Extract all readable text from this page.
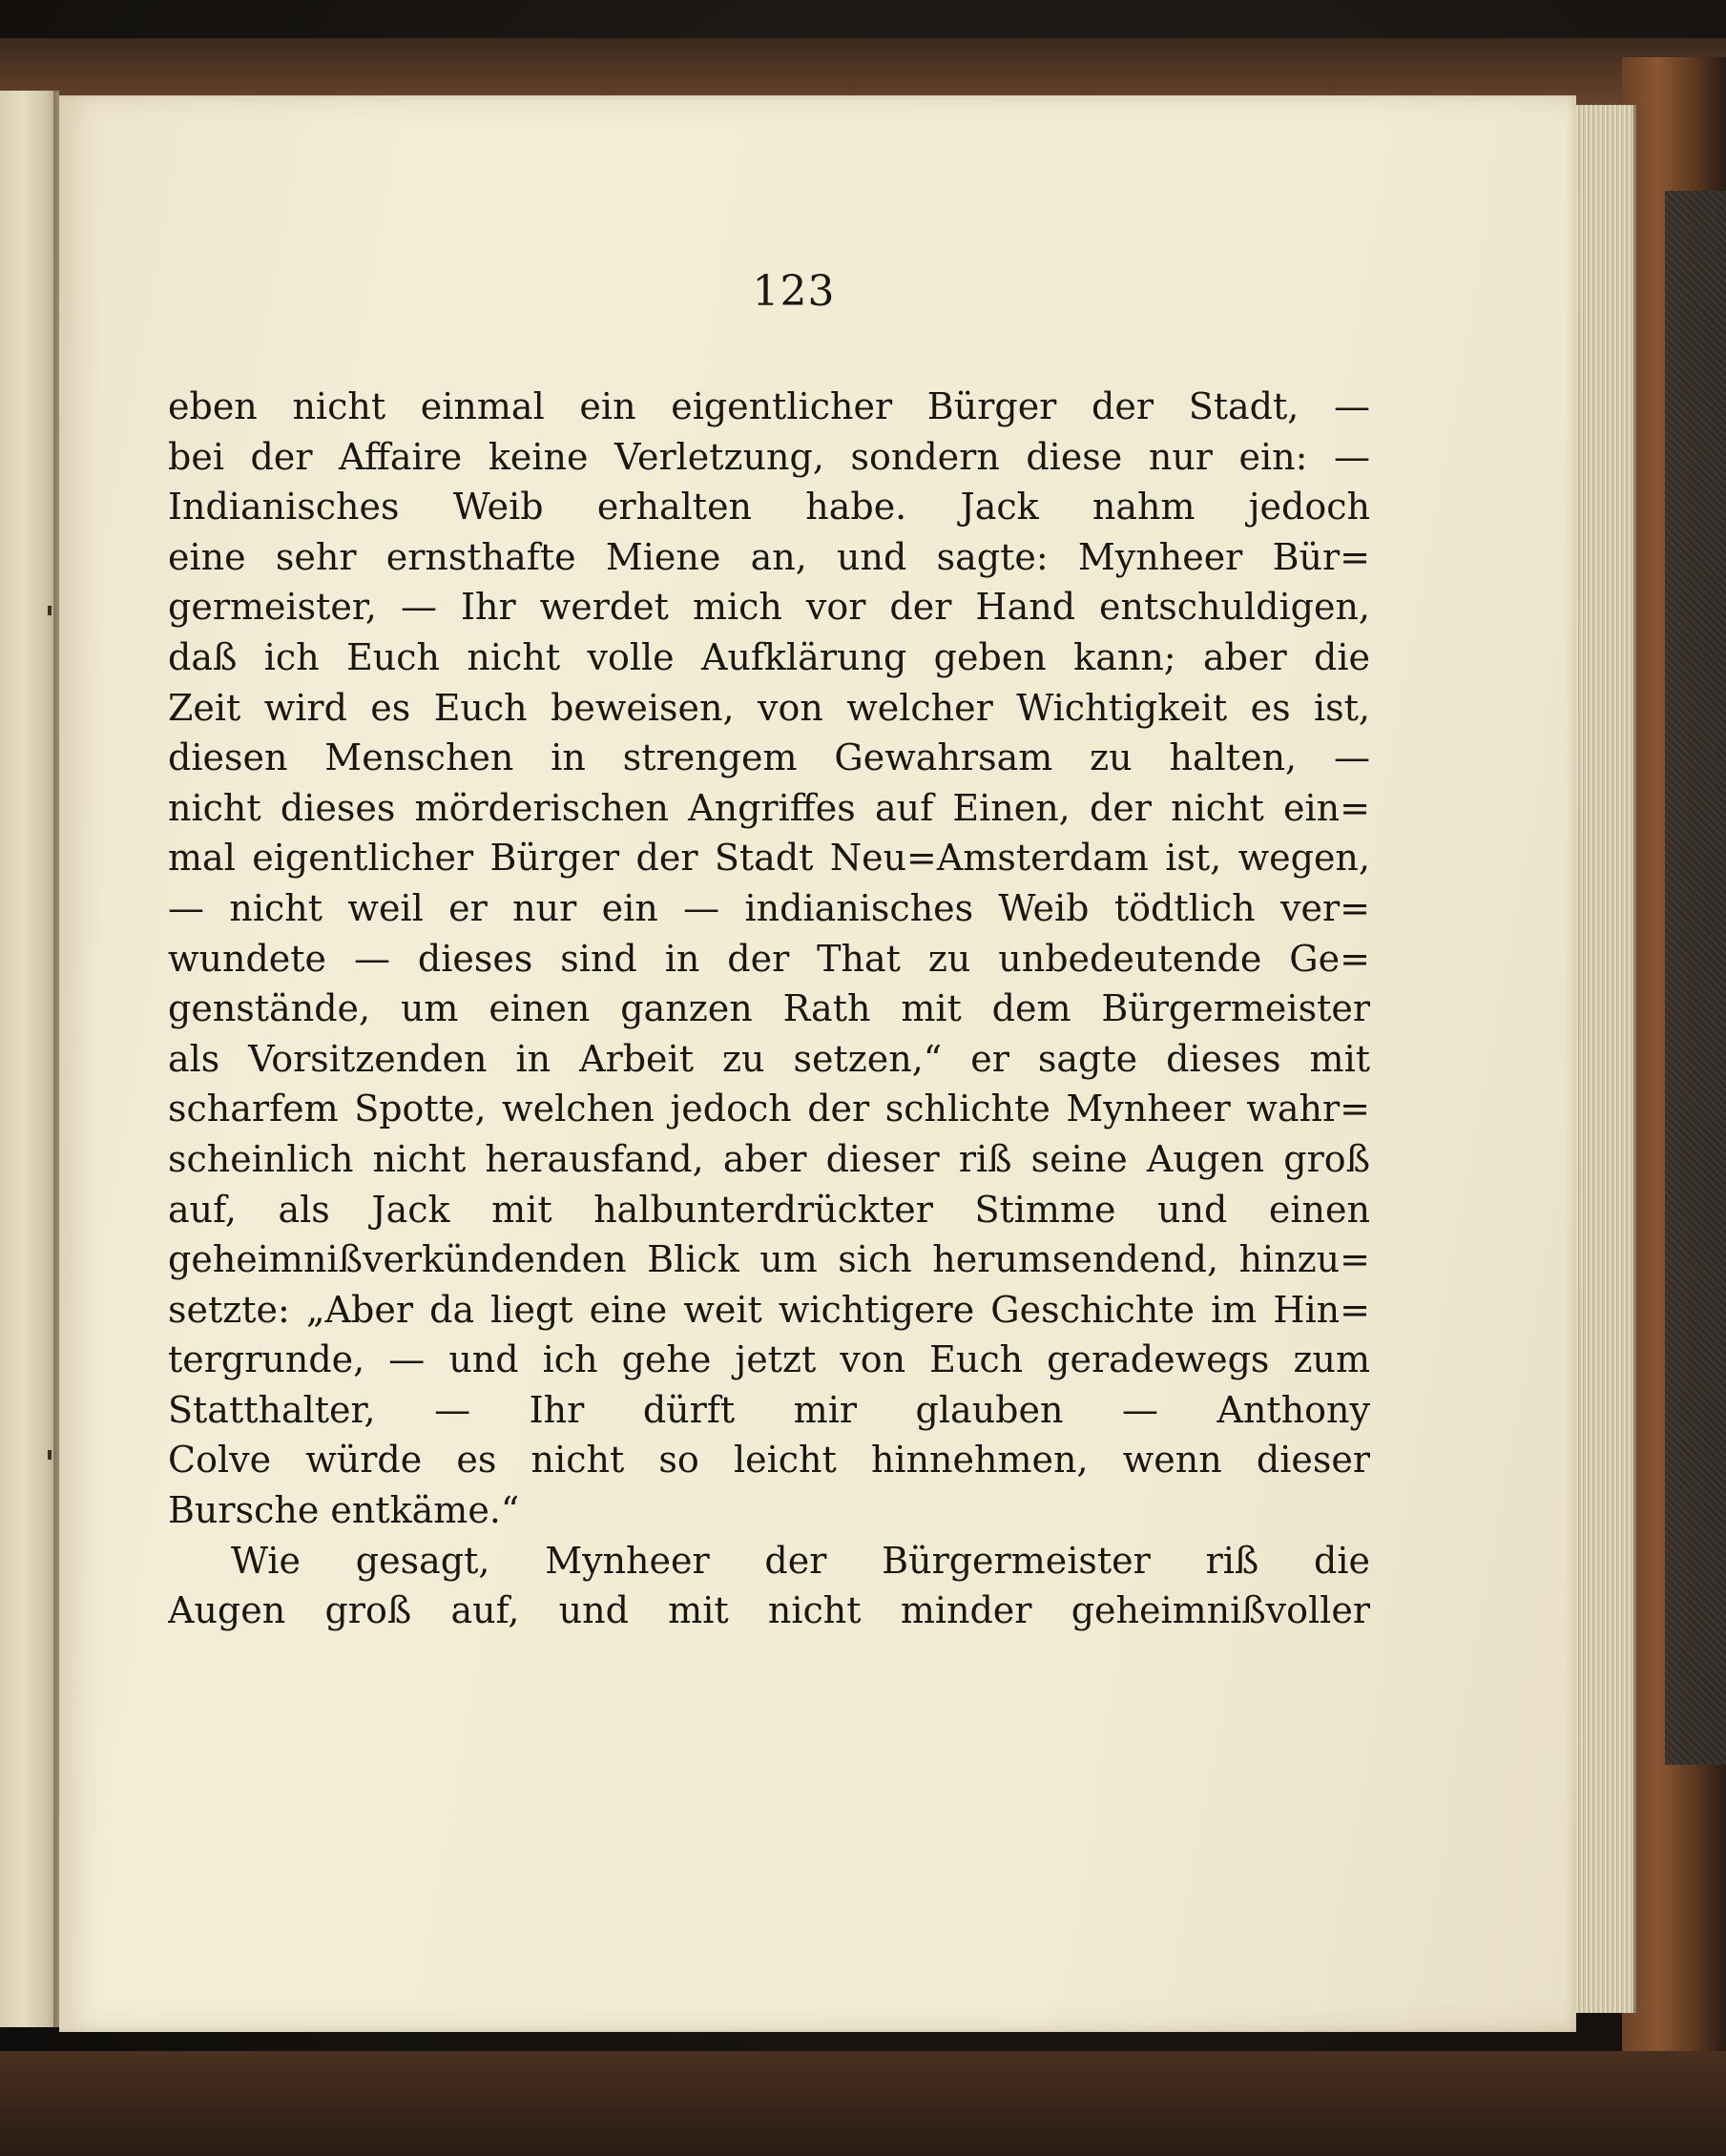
123
eben nicht einmal ein eigentlicher Bürger der Stadt, —
bei der Affaire keine Verletzung, sondern diese nur ein: —
Indianisches Weib erhalten habe. Jack nahm jedoch
eine sehr ernsthafte Miene an, und sagte: Mynheer Bür=
germeister, — Ihr werdet mich vor der Hand entschuldigen,
daß ich Euch nicht volle Aufklärung geben kann; aber die
Zeit wird es Euch beweisen, von welcher Wichtigkeit es ist,
diesen Menschen in strengem Gewahrsam zu halten, —
nicht dieses mörderischen Angriffes auf Einen, der nicht ein=
mal eigentlicher Bürger der Stadt Neu=Amsterdam ist, wegen,
— nicht weil er nur ein — indianisches Weib tödtlich ver=
wundete — dieses sind in der That zu unbedeutende Ge=
genstände, um einen ganzen Rath mit dem Bürgermeister
als Vorsitzenden in Arbeit zu setzen,“ er sagte dieses mit
scharfem Spotte, welchen jedoch der schlichte Mynheer wahr=
scheinlich nicht herausfand, aber dieser riß seine Augen groß
auf, als Jack mit halbunterdrückter Stimme und einen
geheimnißverkündenden Blick um sich herumsendend, hinzu=
setzte: „Aber da liegt eine weit wichtigere Geschichte im Hin=
tergrunde, — und ich gehe jetzt von Euch geradewegs zum
Statthalter, — Ihr dürft mir glauben — Anthony
Colve würde es nicht so leicht hinnehmen, wenn dieser
Bursche entkäme.“
Wie gesagt, Mynheer der Bürgermeister riß die
Augen groß auf, und mit nicht minder geheimnißvoller
